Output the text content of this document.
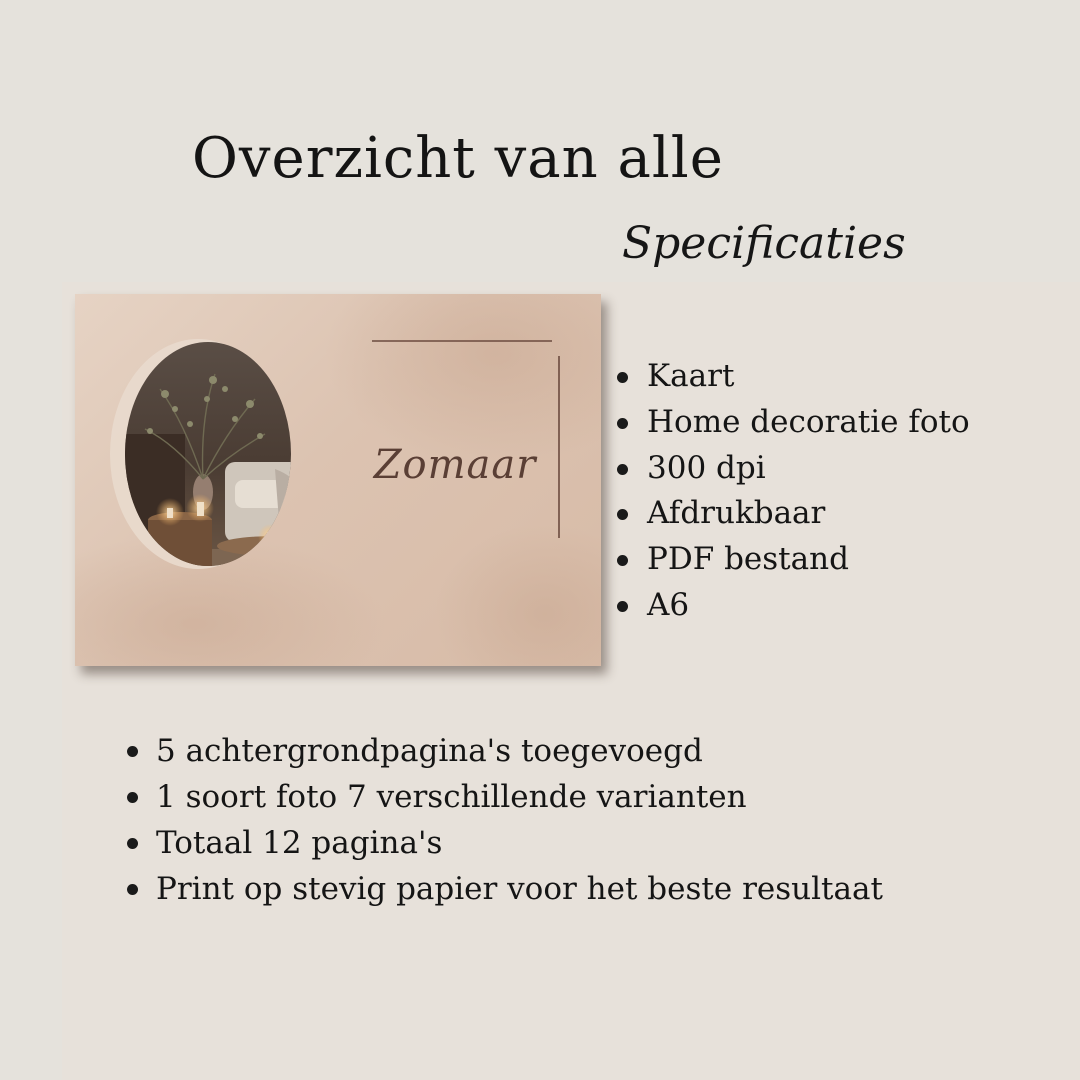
Overzicht van alle
Specificaties
Zomaar
Kaart
Home decoratie foto
300 dpi
Afdrukbaar
PDF bestand
A6
5 achtergrondpagina's toegevoegd
1 soort foto 7 verschillende varianten
Totaal 12 pagina's
Print op stevig papier voor het beste resultaat
